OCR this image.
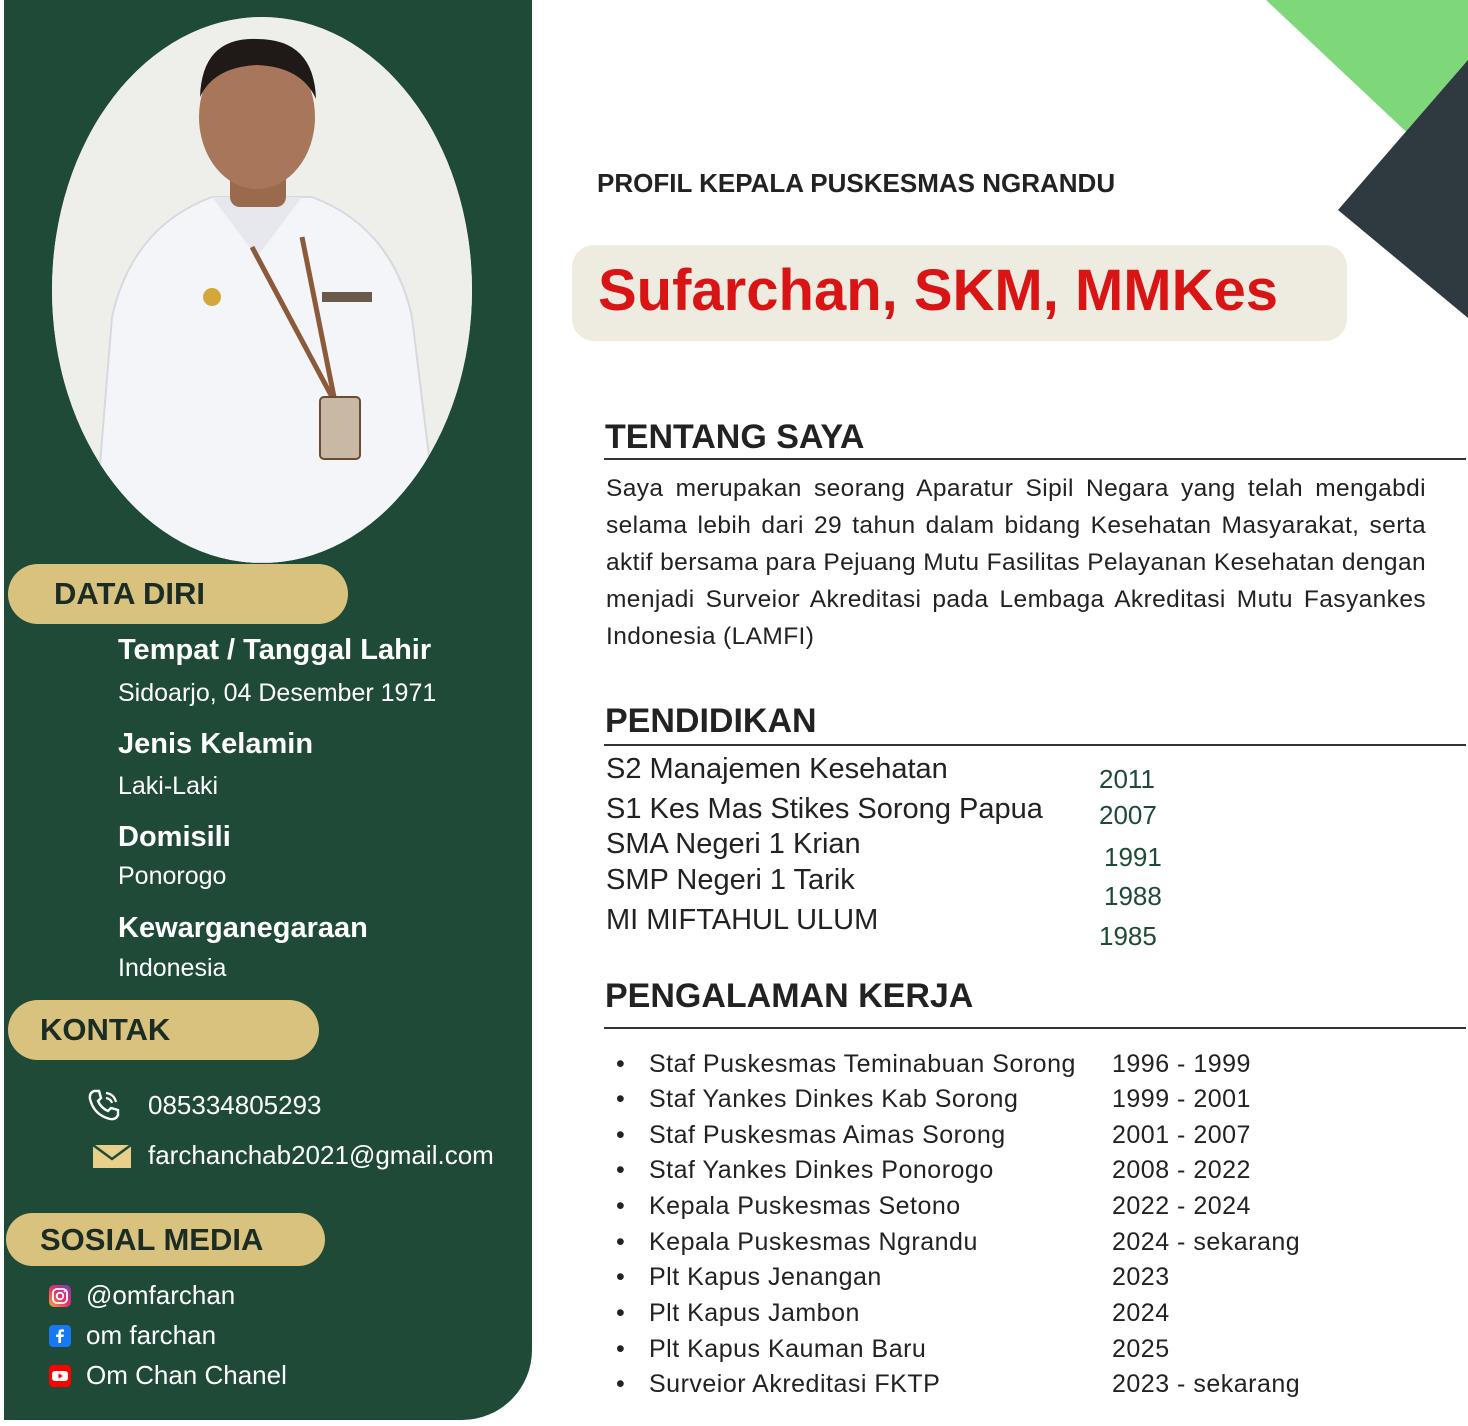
DATA DIRI
Tempat / Tanggal Lahir
Sidoarjo, 04 Desember 1971
Jenis Kelamin
Laki-Laki
Domisili
Ponorogo
Kewarganegaraan
Indonesia
KONTAK
085334805293
farchanchab2021@gmail.com
SOSIAL MEDIA
@omfarchan
om farchan
Om Chan Chanel
PROFIL KEPALA PUSKESMAS NGRANDU
Sufarchan, SKM, MMKes
TENTANG SAYA
Saya merupakan seorang Aparatur Sipil Negara yang telah mengabdi selama lebih dari 29 tahun dalam bidang Kesehatan Masyarakat, serta aktif bersama para Pejuang Mutu Fasilitas Pelayanan Kesehatan dengan menjadi Surveior Akreditasi pada Lembaga Akreditasi Mutu Fasyankes Indonesia (LAMFI)
PENDIDIKAN
S2 Manajemen Kesehatan	2011
S1 Kes Mas Stikes Sorong Papua 2007
SMA Negeri 1 Krian	1991
SMP Negeri 1 Tarik	1988
MI MIFTAHUL ULUM	1985
PENGALAMAN KERJA
• Staf Puskesmas Teminabuan Sorong	1996 - 1999
• Staf Yankes Dinkes Kab Sorong	1999 - 2001
• Staf Puskesmas Aimas Sorong	2001 - 2007
• Staf Yankes Dinkes Ponorogo	2008 - 2022
• Kepala Puskesmas Setono	2022 - 2024
• Kepala Puskesmas Ngrandu	2024 - sekarang
• Plt Kapus Jenangan	2023
• Plt Kapus Jambon	2024
• Plt Kapus Kauman Baru	2025
• Surveior Akreditasi FKTP	2023 - sekarang
